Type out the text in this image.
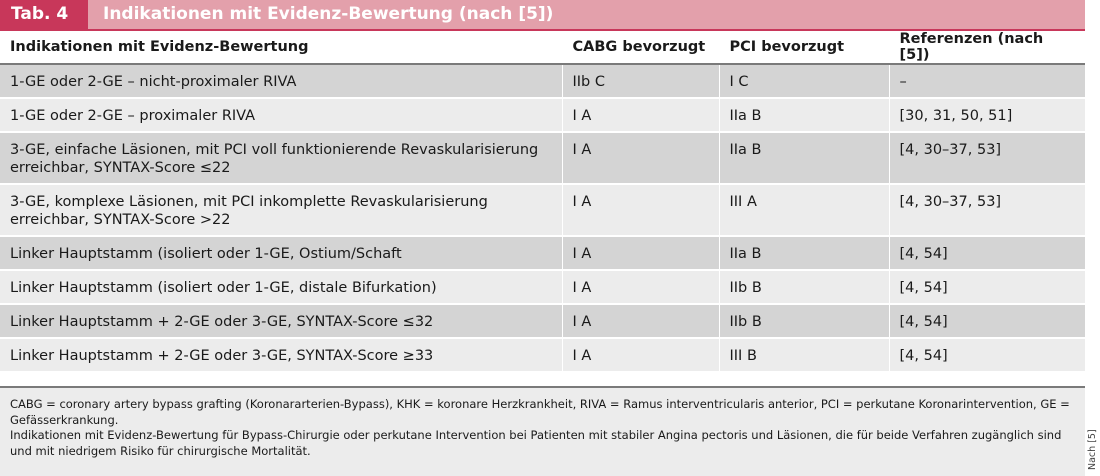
Tab. 4	Indikationen mit Evidenz-Bewertung (nach [5])
Indikationen mit Evidenz-Bewertung	CABG bevorzugt	PCI bevorzugt	Referenzen (nach [5])
1-GE oder 2-GE – nicht-proximaler RIVA	IIb C	I C	–
1-GE oder 2-GE – proximaler RIVA	I A	IIa B	[30, 31, 50, 51]
3-GE, einfache Läsionen, mit PCI voll funktionierende Revaskularisierung erreichbar, SYNTAX-Score ≤22	I A	IIa B	[4, 30–37, 53]
3-GE, komplexe Läsionen, mit PCI inkomplette Revaskularisierung erreichbar, SYNTAX-Score >22	I A	III A	[4, 30–37, 53]
Linker Hauptstamm (isoliert oder 1-GE, Ostium/Schaft	I A	IIa B	[4, 54]
Linker Hauptstamm (isoliert oder 1-GE, distale Bifurkation)	I A	IIb B	[4, 54]
Linker Hauptstamm + 2-GE oder 3-GE, SYNTAX-Score ≤32	I A	IIb B	[4, 54]
Linker Hauptstamm + 2-GE oder 3-GE, SYNTAX-Score ≥33	I A	III B	[4, 54]

CABG = coronary artery bypass grafting (Koronararterien-Bypass), KHK = koronare Herzkrankheit, RIVA = Ramus interventricularis anterior, PCI = perkutane Koronarintervention, GE = Gefässerkrankung.

Indikationen mit Evidenz-Bewertung für Bypass-Chirurgie oder perkutane Intervention bei Patienten mit stabiler Angina pectoris und Läsionen, die für beide Verfahren zugänglich sind und mit niedrigem Risiko für chirurgische Mortalität.	Nach [5]
